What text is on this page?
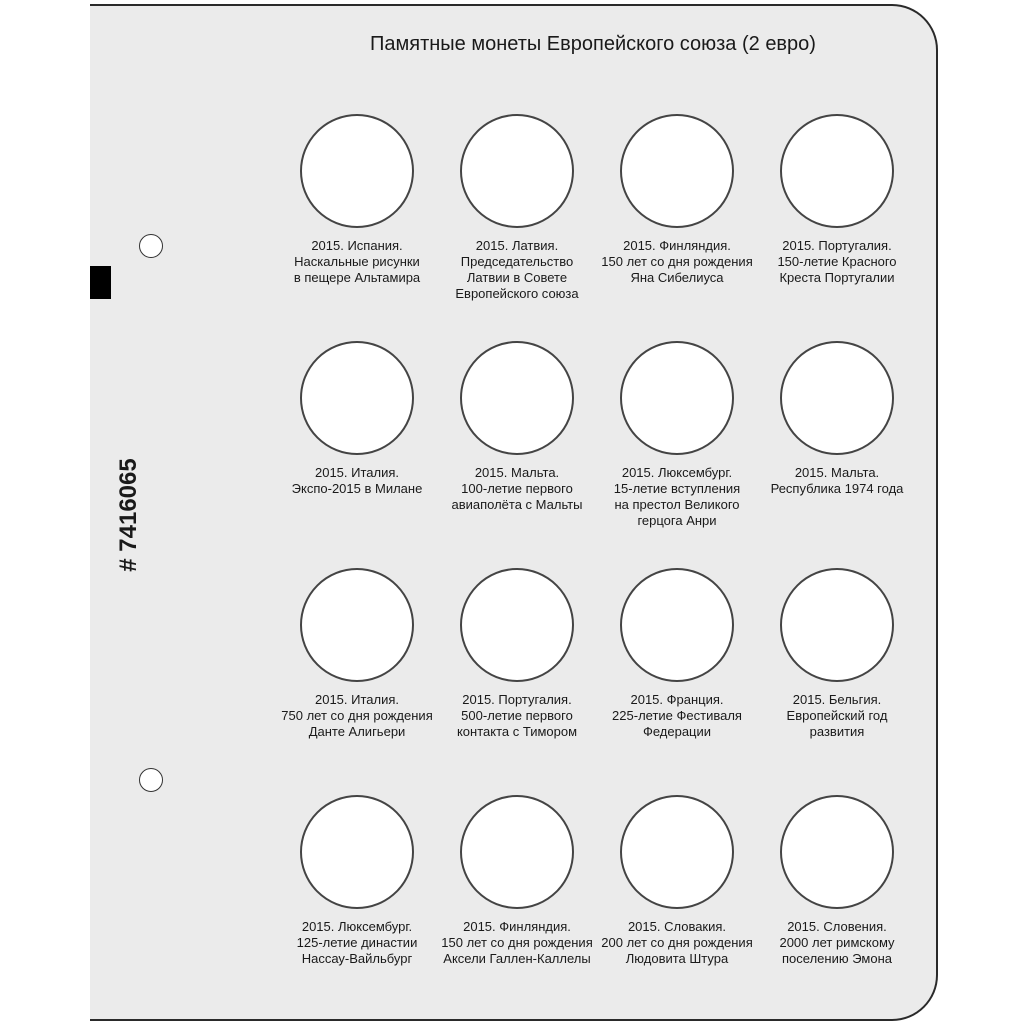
Памятные монеты Европейского союза (2 евро)
# 7416065
2015. Испания.
Наскальные рисунки
в пещере Альтамира
2015. Латвия.
Председательство
Латвии в Совете
Европейского союза
2015. Финляндия.
150 лет со дня рождения
Яна Сибелиуса
2015. Португалия.
150-летие Красного
Креста Португалии
2015. Италия.
Экспо-2015 в Милане
2015. Мальта.
100-летие первого
авиаполёта с Мальты
2015. Люксембург.
15-летие вступления
на престол Великого
герцога Анри
2015. Мальта.
Республика 1974 года
2015. Италия.
750 лет со дня рождения
Данте Алигьери
2015. Португалия.
500-летие первого
контакта с Тимором
2015. Франция.
225-летие Фестиваля
Федерации
2015. Бельгия.
Европейский год
развития
2015. Люксембург.
125-летие династии
Нассау-Вайльбург
2015. Финляндия.
150 лет со дня рождения
Аксели Галлен-Каллелы
2015. Словакия.
200 лет со дня рождения
Людовита Штура
2015. Словения.
2000 лет римскому
поселению Эмона
